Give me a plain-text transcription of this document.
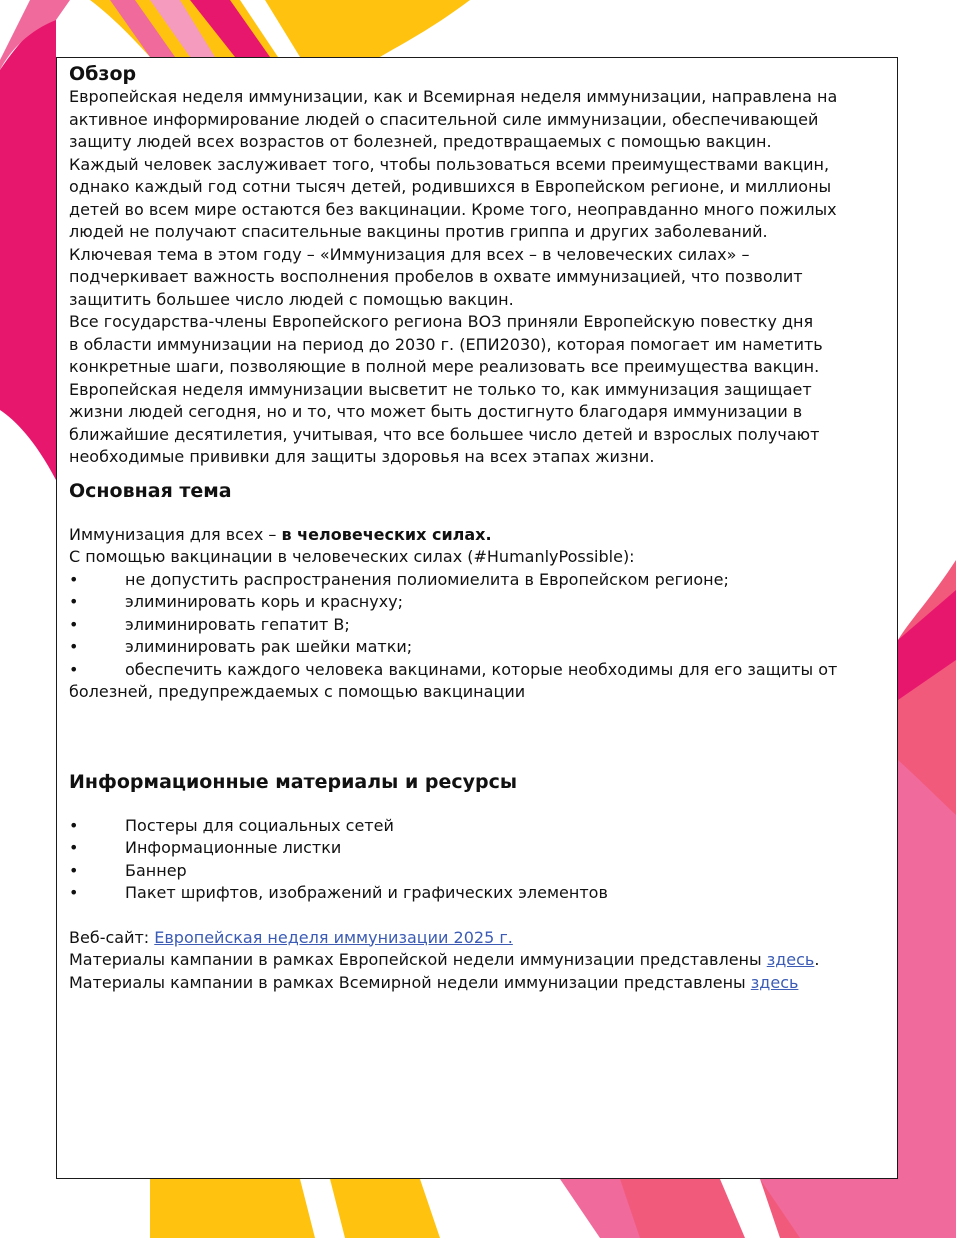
Обзор

Европейская неделя иммунизации, как и Всемирная неделя иммунизации, направлена на

активное информирование людей о спасительной силе иммунизации, обеспечивающей

защиту людей всех возрастов от болезней, предотвращаемых с помощью вакцин.

Каждый человек заслуживает того, чтобы пользоваться всеми преимуществами вакцин,

однако каждый год сотни тысяч детей, родившихся в Европейском регионе, и миллионы

детей во всем мире остаются без вакцинации. Кроме того, неоправданно много пожилых

людей не получают спасительные вакцины против гриппа и других заболеваний.

Ключевая тема в этом году – «Иммунизация для всех – в человеческих силах» –

подчеркивает важность восполнения пробелов в охвате иммунизацией, что позволит

защитить большее число людей с помощью вакцин.

Все государства-члены Европейского региона ВОЗ приняли Европейскую повестку дня

в области иммунизации на период до 2030 г. (ЕПИ2030), которая помогает им наметить

конкретные шаги, позволяющие в полной мере реализовать все преимущества вакцин.

Европейская неделя иммунизации высветит не только то, как иммунизация защищает

жизни людей сегодня, но и то, что может быть достигнуто благодаря иммунизации в

ближайшие десятилетия, учитывая, что все большее число детей и взрослых получают

необходимые прививки для защиты здоровья на всех этапах жизни.

Основная тема

Иммунизация для всех – в человеческих силах.

С помощью вакцинации в человеческих силах (#HumanlyPossible):

•	не допустить распространения полиомиелита в Европейском регионе;
•	элиминировать корь и краснуху;
•	элиминировать гепатит B;
•	элиминировать рак шейки матки;
•	обеспечить каждого человека вакцинами, которые необходимы для его защиты от

болезней, предупреждаемых с помощью вакцинации

Информационные материалы и ресурсы

•	Постеры для социальных сетей
•	Информационные листки
•	Баннер
•	Пакет шрифтов, изображений и графических элементов

Веб-сайт: Европейская неделя иммунизации 2025 г.

Материалы кампании в рамках Европейской недели иммунизации представлены здесь.

Материалы кампании в рамках Всемирной недели иммунизации представлены здесь
